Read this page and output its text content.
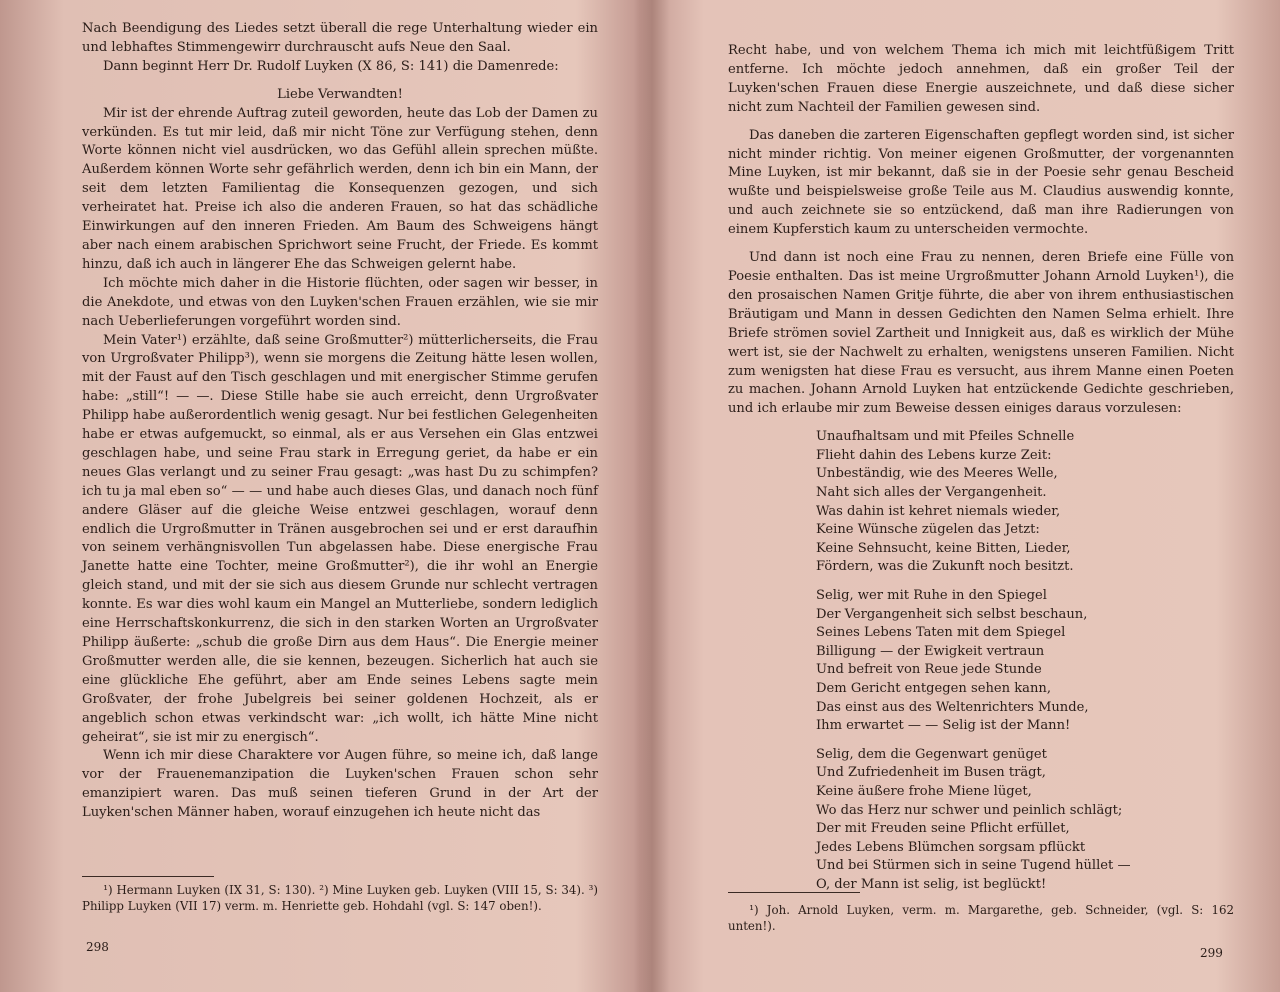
Nach Beendigung des Liedes setzt überall die rege Unterhaltung wieder ein und lebhaftes Stimmengewirr durchrauscht aufs Neue den Saal.

Dann beginnt Herr Dr. Rudolf Luyken (X 86, S: 141) die Damenrede:

Liebe Verwandten!

Mir ist der ehrende Auftrag zuteil geworden, heute das Lob der Damen zu verkünden. Es tut mir leid, daß mir nicht Töne zur Verfügung stehen, denn Worte können nicht viel ausdrücken, wo das Gefühl allein sprechen müßte. Außerdem können Worte sehr gefährlich werden, denn ich bin ein Mann, der seit dem letzten Familientag die Konsequenzen gezogen, und sich verheiratet hat. Preise ich also die anderen Frauen, so hat das schädliche Einwirkungen auf den inneren Frieden. Am Baum des Schweigens hängt aber nach einem arabischen Sprichwort seine Frucht, der Friede. Es kommt hinzu, daß ich auch in längerer Ehe das Schweigen gelernt habe.

Ich möchte mich daher in die Historie flüchten, oder sagen wir besser, in die Anekdote, und etwas von den Luyken'schen Frauen erzählen, wie sie mir nach Ueberlieferungen vorgeführt worden sind.

Mein Vater¹) erzählte, daß seine Großmutter²) mütterlicherseits, die Frau von Urgroßvater Philipp³), wenn sie morgens die Zeitung hätte lesen wollen, mit der Faust auf den Tisch geschlagen und mit energischer Stimme gerufen habe: „still“! — —. Diese Stille habe sie auch erreicht, denn Urgroßvater Philipp habe außerordentlich wenig gesagt. Nur bei festlichen Gelegenheiten habe er etwas aufgemuckt, so einmal, als er aus Versehen ein Glas entzwei geschlagen habe, und seine Frau stark in Erregung geriet, da habe er ein neues Glas verlangt und zu seiner Frau gesagt: „was hast Du zu schimpfen? ich tu ja mal eben so“ — — und habe auch dieses Glas, und danach noch fünf andere Gläser auf die gleiche Weise entzwei geschlagen, worauf denn endlich die Urgroßmutter in Tränen ausgebrochen sei und er erst daraufhin von seinem verhängnisvollen Tun abgelassen habe. Diese energische Frau Janette hatte eine Tochter, meine Großmutter²), die ihr wohl an Energie gleich stand, und mit der sie sich aus diesem Grunde nur schlecht vertragen konnte. Es war dies wohl kaum ein Mangel an Mutterliebe, sondern lediglich eine Herrschaftskonkurrenz, die sich in den starken Worten an Urgroßvater Philipp äußerte: „schub die große Dirn aus dem Haus“. Die Energie meiner Großmutter werden alle, die sie kennen, bezeugen. Sicherlich hat auch sie eine glückliche Ehe geführt, aber am Ende seines Lebens sagte mein Großvater, der frohe Jubelgreis bei seiner goldenen Hochzeit, als er angeblich schon etwas verkindscht war: „ich wollt, ich hätte Mine nicht geheirat“, sie ist mir zu energisch“.

Wenn ich mir diese Charaktere vor Augen führe, so meine ich, daß lange vor der Frauenemanzipation die Luyken'schen Frauen schon sehr emanzipiert waren. Das muß seinen tieferen Grund in der Art der Luyken'schen Männer haben, worauf einzugehen ich heute nicht das

¹) Hermann Luyken (IX 31, S: 130). ²) Mine Luyken geb. Luyken (VIII 15, S: 34). ³) Philipp Luyken (VII 17) verm. m. Henriette geb. Hohdahl (vgl. S: 147 oben!).

298

Recht habe, und von welchem Thema ich mich mit leichtfüßigem Tritt entferne. Ich möchte jedoch annehmen, daß ein großer Teil der Luyken'schen Frauen diese Energie auszeichnete, und daß diese sicher nicht zum Nachteil der Familien gewesen sind.

Das daneben die zarteren Eigenschaften gepflegt worden sind, ist sicher nicht minder richtig. Von meiner eigenen Großmutter, der vorgenannten Mine Luyken, ist mir bekannt, daß sie in der Poesie sehr genau Bescheid wußte und beispielsweise große Teile aus M. Claudius auswendig konnte, und auch zeichnete sie so entzückend, daß man ihre Radierungen von einem Kupferstich kaum zu unterscheiden vermochte.

Und dann ist noch eine Frau zu nennen, deren Briefe eine Fülle von Poesie enthalten. Das ist meine Urgroßmutter Johann Arnold Luyken¹), die den prosaischen Namen Gritje führte, die aber von ihrem enthusiastischen Bräutigam und Mann in dessen Gedichten den Namen Selma erhielt. Ihre Briefe strömen soviel Zartheit und Innigkeit aus, daß es wirklich der Mühe wert ist, sie der Nachwelt zu erhalten, wenigstens unseren Familien. Nicht zum wenigsten hat diese Frau es versucht, aus ihrem Manne einen Poeten zu machen. Johann Arnold Luyken hat entzückende Gedichte geschrieben, und ich erlaube mir zum Beweise dessen einiges daraus vorzulesen:

Unaufhaltsam und mit Pfeiles Schnelle
Flieht dahin des Lebens kurze Zeit:
Unbeständig, wie des Meeres Welle,
Naht sich alles der Vergangenheit.
Was dahin ist kehret niemals wieder,
Keine Wünsche zügelen das Jetzt:
Keine Sehnsucht, keine Bitten, Lieder,
Fördern, was die Zukunft noch besitzt.
Selig, wer mit Ruhe in den Spiegel
Der Vergangenheit sich selbst beschaun,
Seines Lebens Taten mit dem Spiegel
Billigung — der Ewigkeit vertraun
Und befreit von Reue jede Stunde
Dem Gericht entgegen sehen kann,
Das einst aus des Weltenrichters Munde,
Ihm erwartet — — Selig ist der Mann!
Selig, dem die Gegenwart genüget
Und Zufriedenheit im Busen trägt,
Keine äußere frohe Miene lüget,
Wo das Herz nur schwer und peinlich schlägt;
Der mit Freuden seine Pflicht erfüllet,
Jedes Lebens Blümchen sorgsam pflückt
Und bei Stürmen sich in seine Tugend hüllet —
O, der Mann ist selig, ist beglückt!

¹) Joh. Arnold Luyken, verm. m. Margarethe, geb. Schneider, (vgl. S: 162 unten!).

299
